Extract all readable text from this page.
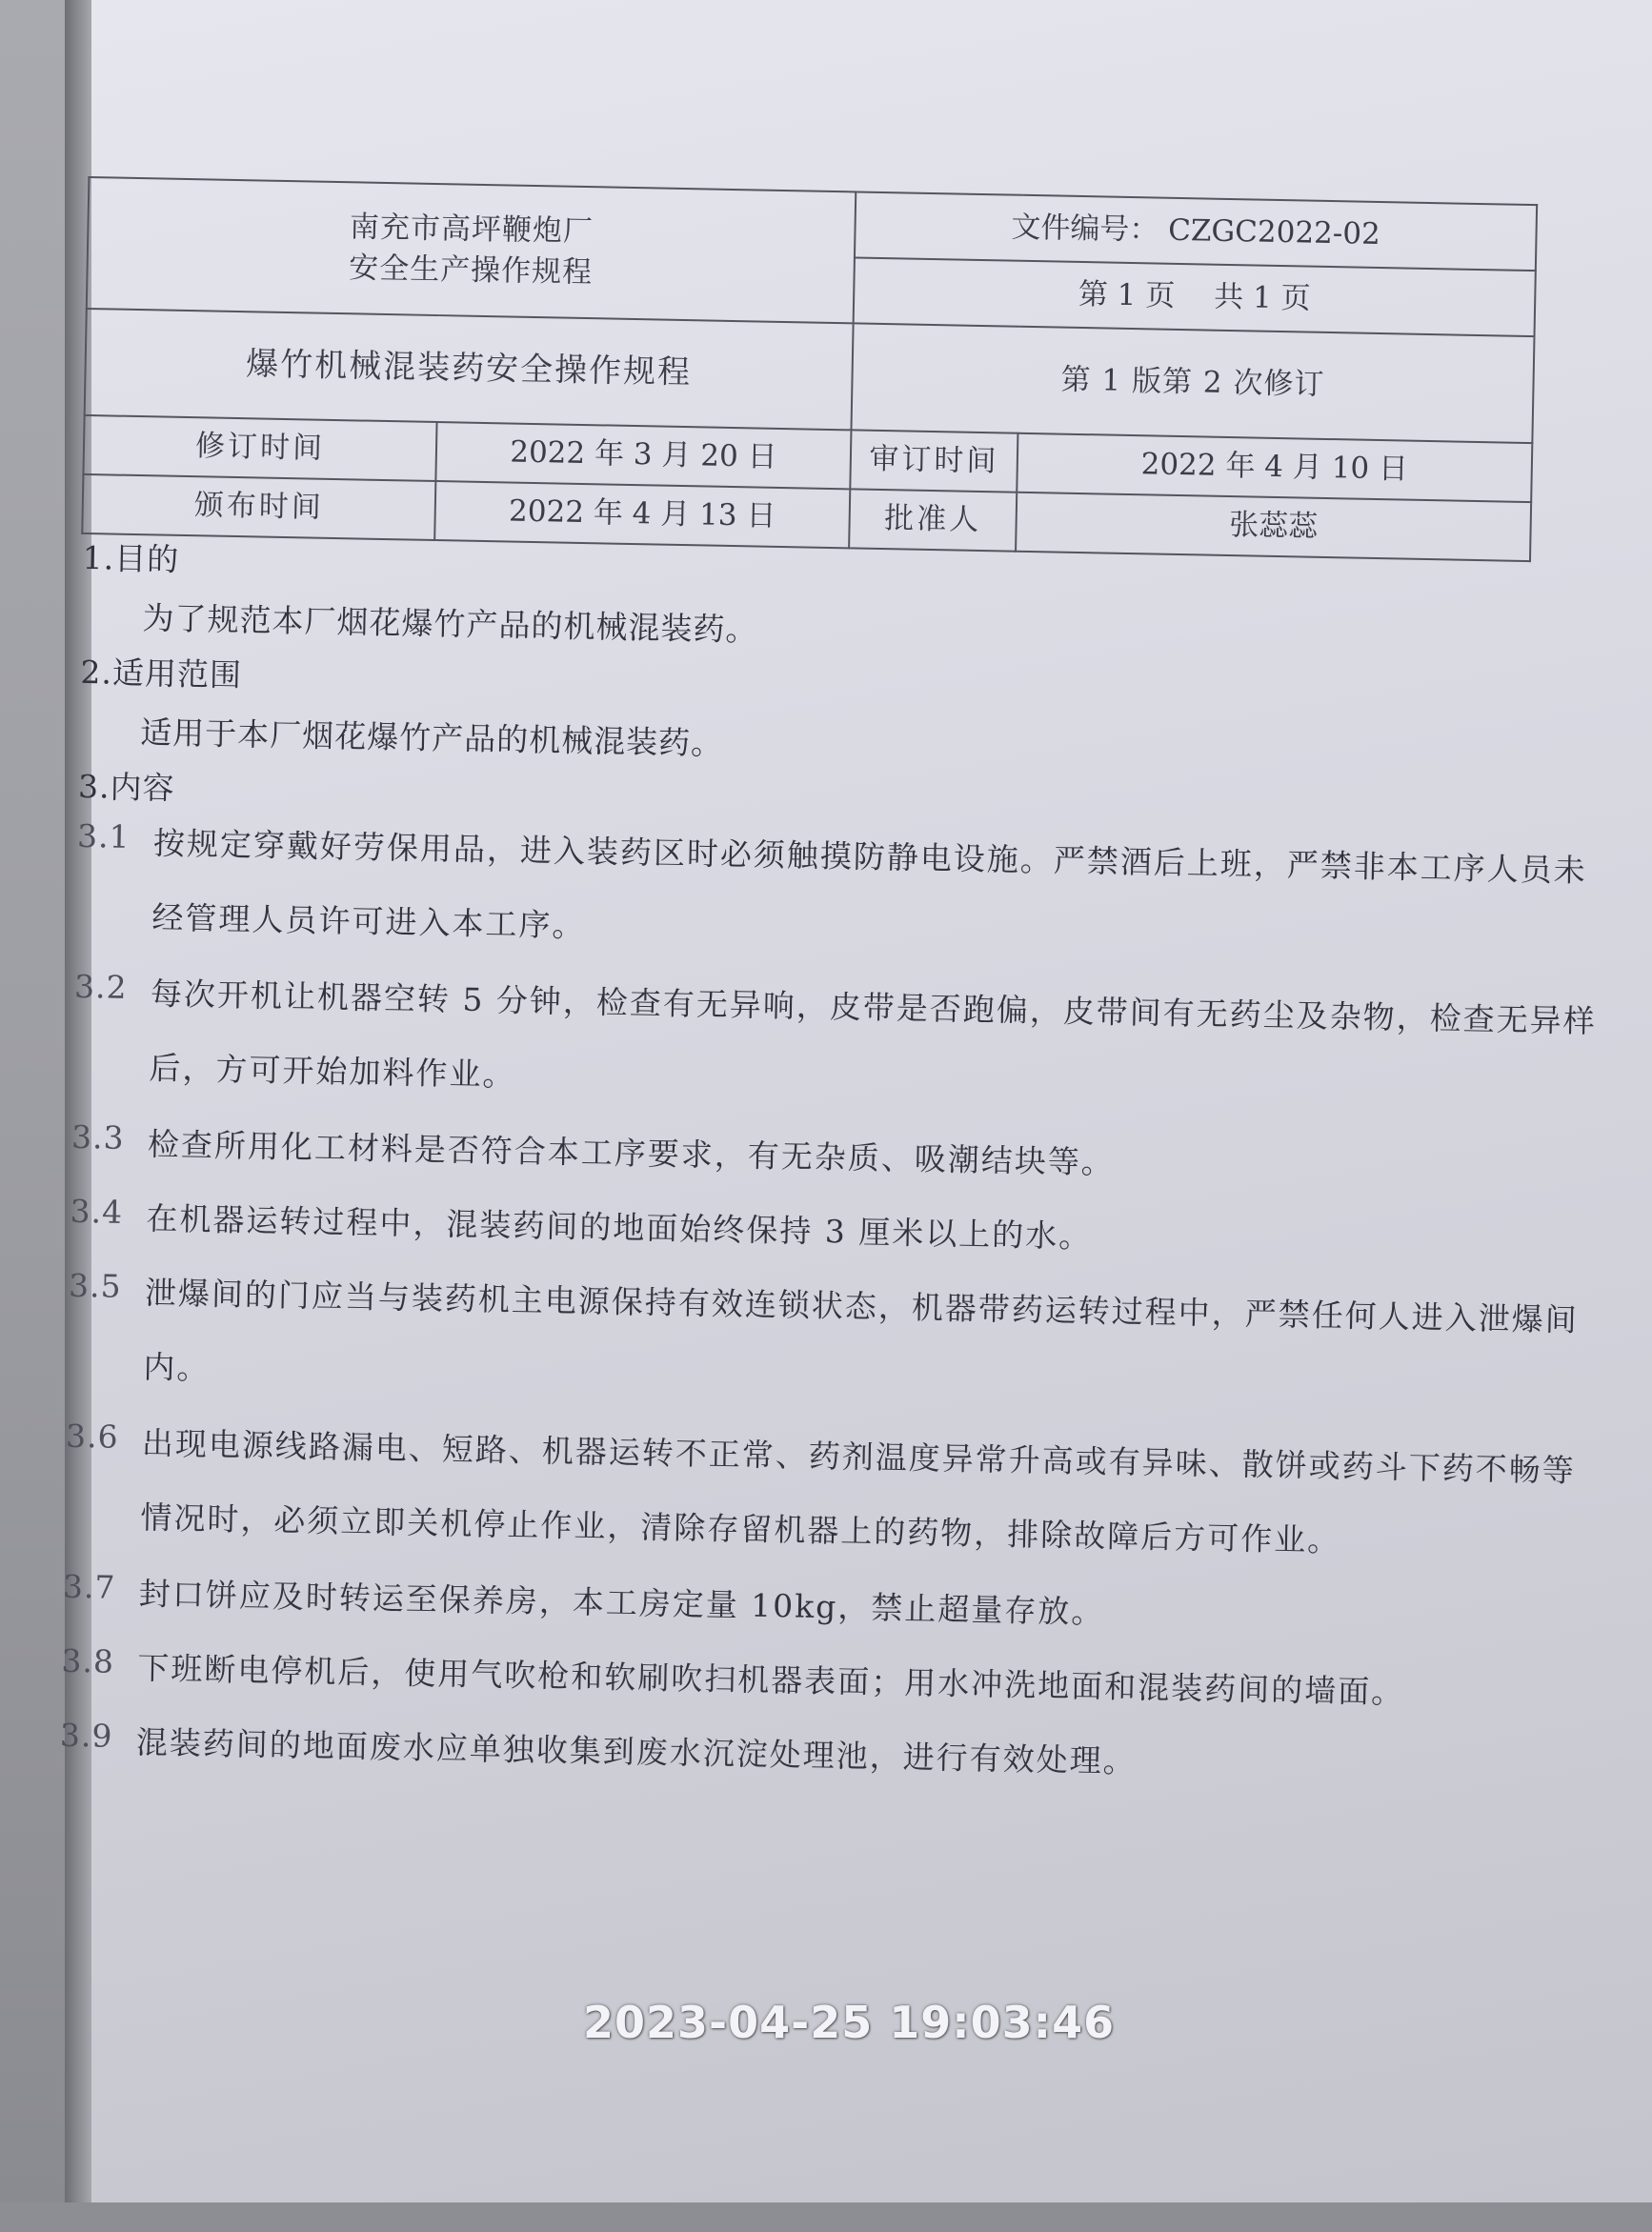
南充市高坪鞭炮厂
安全生产操作规程		文件编号： CZGC2022-02	
		第 1 页　 共 1 页	
爆竹机械混装药安全操作规程		第 1 版第 2 次修订	
修订时间	2022 年 3 月 20 日	审订时间	2022 年 4 月 10 日
颁布时间	2022 年 4 月 13 日	批准人	张蕊蕊
1.目的
为了规范本厂烟花爆竹产品的机械混装药。
2.适用范围
适用于本厂烟花爆竹产品的机械混装药。
3.内容
3.1 按规定穿戴好劳保用品，进入装药区时必须触摸防静电设施。严禁酒后上班，严禁非本工序人员未
经管理人员许可进入本工序。
3.2 每次开机让机器空转 5 分钟，检查有无异响，皮带是否跑偏，皮带间有无药尘及杂物，检查无异样
后，方可开始加料作业。
3.3 检查所用化工材料是否符合本工序要求，有无杂质、吸潮结块等。
3.4 在机器运转过程中，混装药间的地面始终保持 3 厘米以上的水。
3.5 泄爆间的门应当与装药机主电源保持有效连锁状态，机器带药运转过程中，严禁任何人进入泄爆间
内。
3.6 出现电源线路漏电、短路、机器运转不正常、药剂温度异常升高或有异味、散饼或药斗下药不畅等
情况时，必须立即关机停止作业，清除存留机器上的药物，排除故障后方可作业。
3.7 封口饼应及时转运至保养房，本工房定量 10kg，禁止超量存放。
3.8 下班断电停机后，使用气吹枪和软刷吹扫机器表面；用水冲洗地面和混装药间的墙面。
3.9 混装药间的地面废水应单独收集到废水沉淀处理池，进行有效处理。
2023-04-25 19:03:46
